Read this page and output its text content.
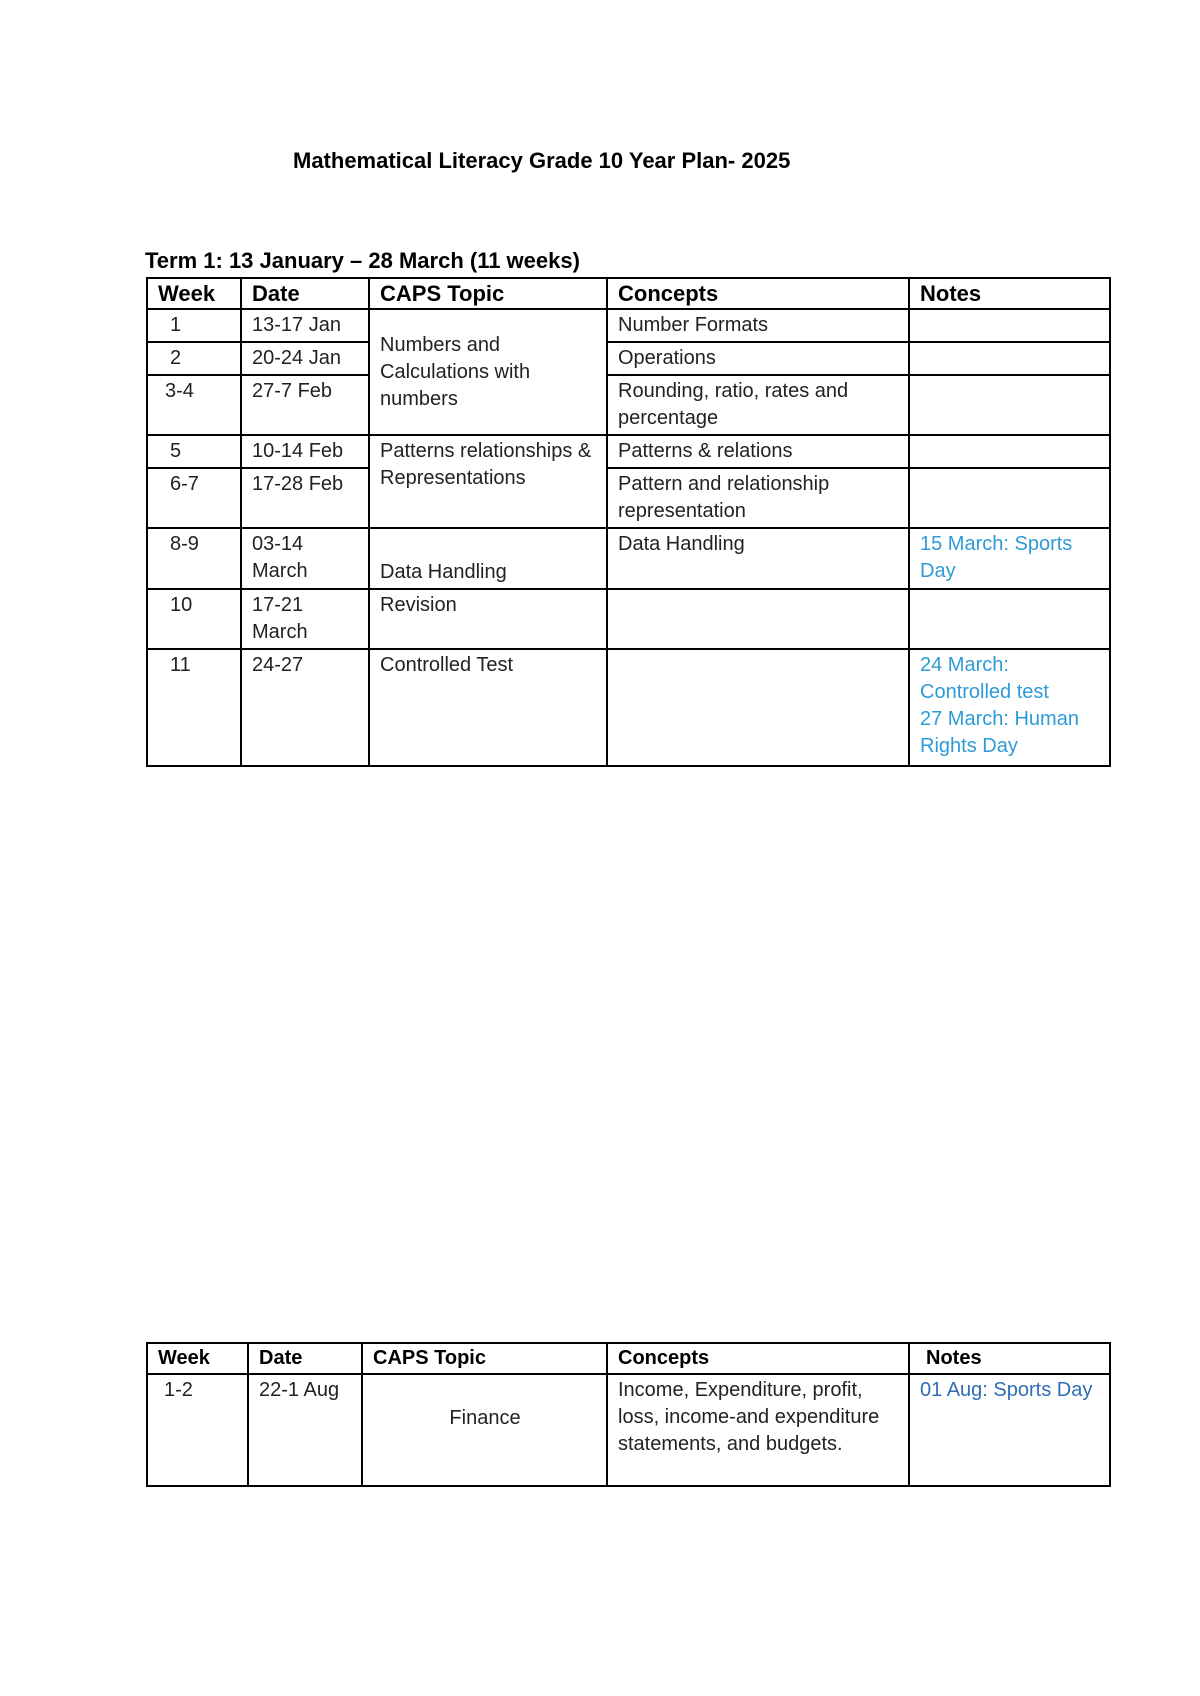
Mathematical Literacy Grade 10 Year Plan- 2025
Term 1: 13 January – 28 March (11 weeks)
Week	Date	CAPS Topic	Concepts	Notes
1	13-17 Jan	Numbers and Calculations with numbers	Number Formats	
2	20-24 Jan		Operations	
3-4	27-7 Feb		Rounding, ratio, rates and percentage	
5	10-14 Feb	Patterns relationships & Representations	Patterns & relations	
6-7	17-28 Feb		Pattern and relationship representation	
8-9	03-14 March	Data Handling	Data Handling	15 March: Sports Day
10	17-21 March	Revision		
11	24-27	Controlled Test		24 March: Controlled test
27 March: Human Rights Day
Week	Date	CAPS Topic	Concepts	Notes
1-2	22-1 Aug	Finance	Income, Expenditure, profit, loss, income-and expenditure statements, and budgets.	01 Aug: Sports Day
